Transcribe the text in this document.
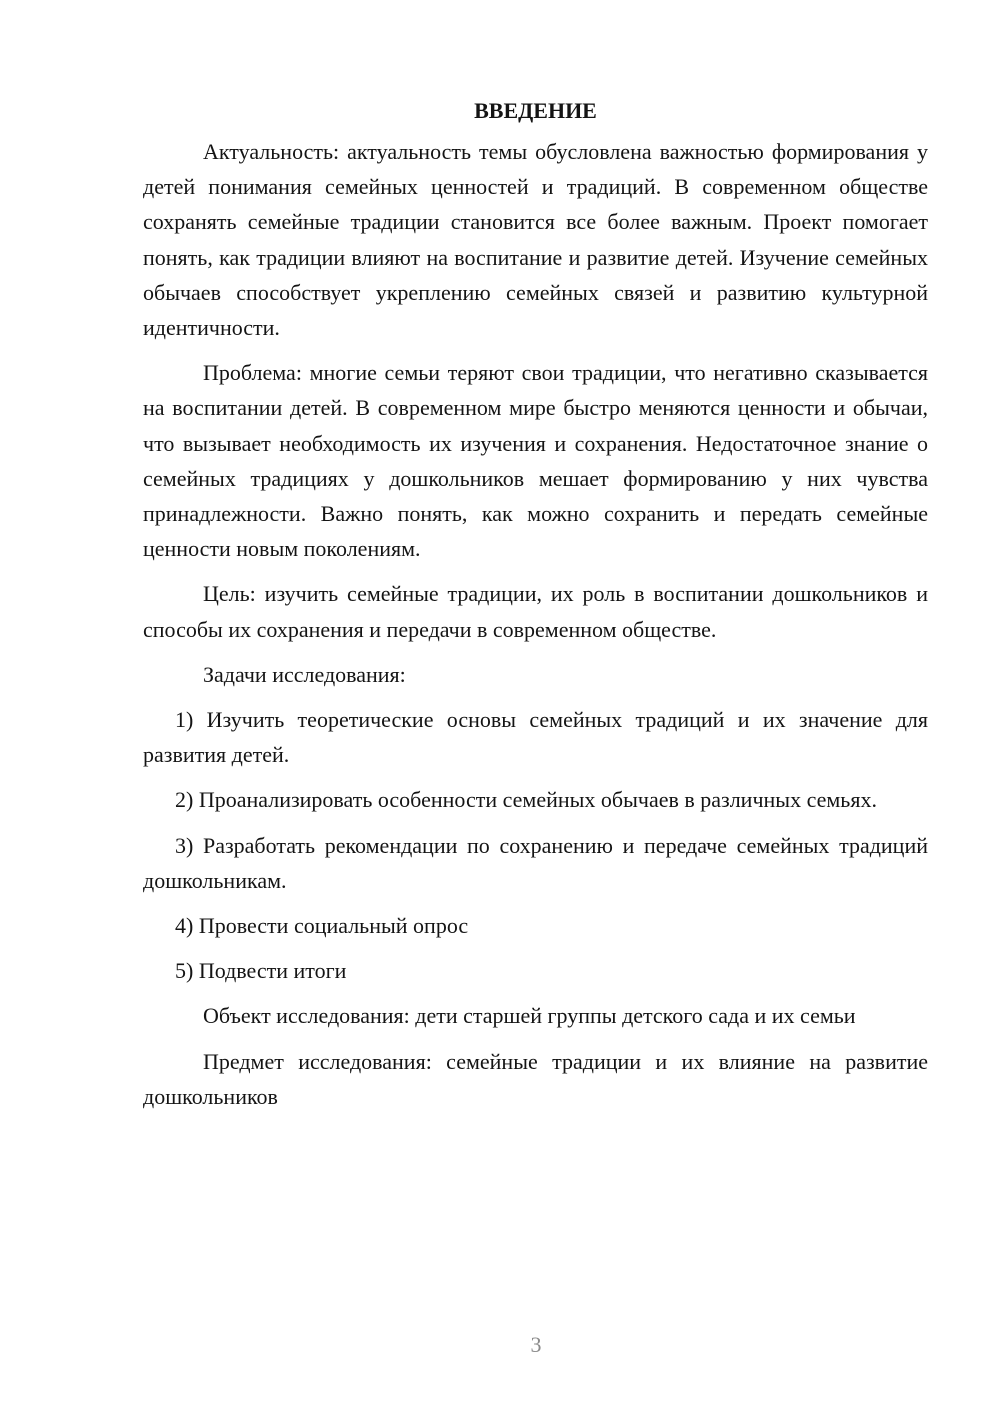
ВВЕДЕНИЕ

Актуальность: актуальность темы обусловлена важностью формирования у детей понимания семейных ценностей и традиций. В современном обществе сохранять семейные традиции становится все более важным. Проект помогает понять, как традиции влияют на воспитание и развитие детей. Изучение семейных обычаев способствует укреплению семейных связей и развитию культурной идентичности.

Проблема: многие семьи теряют свои традиции, что негативно сказывается на воспитании детей. В современном мире быстро меняются ценности и обычаи, что вызывает необходимость их изучения и сохранения. Недостаточное знание о семейных традициях у дошкольников мешает формированию у них чувства принадлежности. Важно понять, как можно сохранить и передать семейные ценности новым поколениям.

Цель: изучить семейные традиции, их роль в воспитании дошкольников и способы их сохранения и передачи в современном обществе.

Задачи исследования:

1) Изучить теоретические основы семейных традиций и их значение для развития детей.

2) Проанализировать особенности семейных обычаев в различных семьях.

3) Разработать рекомендации по сохранению и передаче семейных традиций дошкольникам.

4) Провести социальный опрос

5) Подвести итоги

Объект исследования: дети старшей группы детского сада и их семьи

Предмет исследования: семейные традиции и их влияние на развитие дошкольников

3
